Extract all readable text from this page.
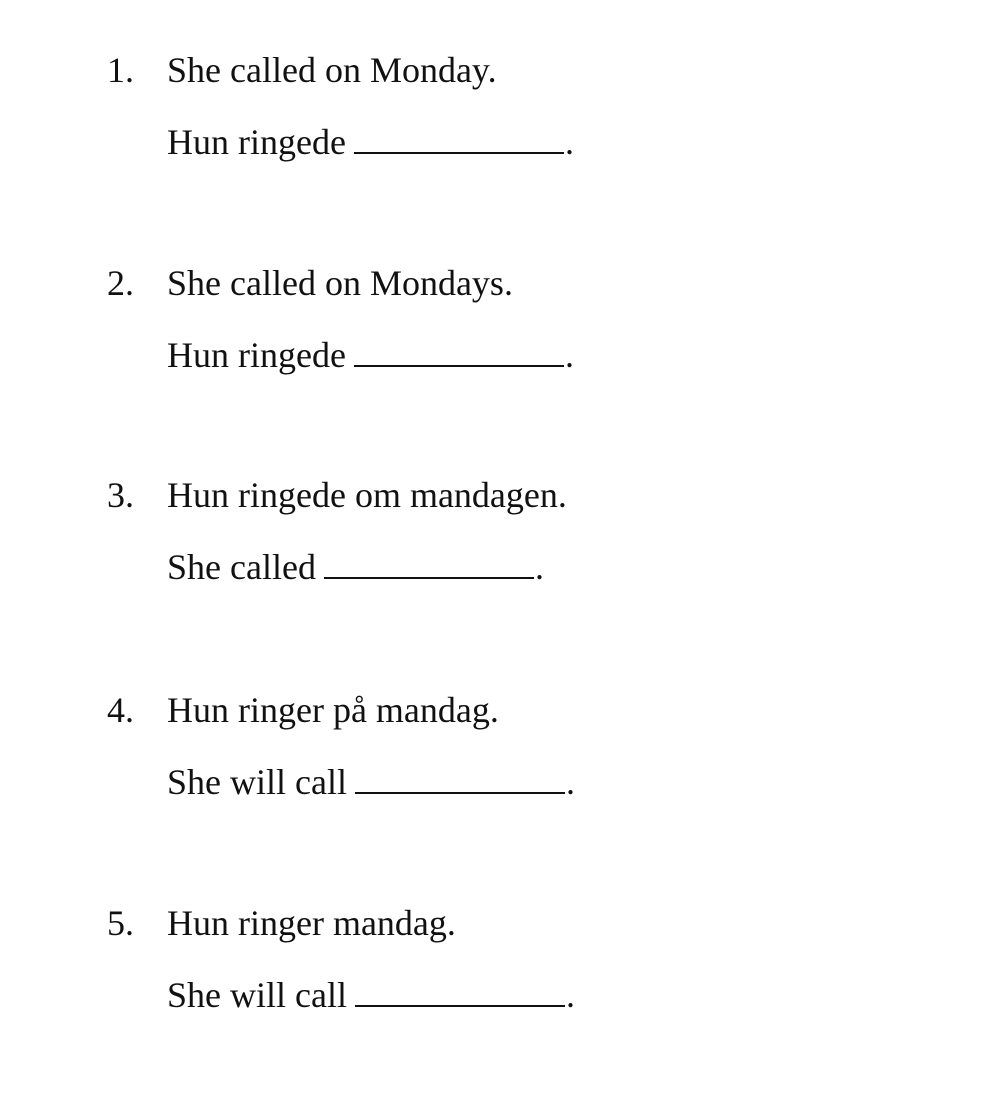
1. She called on Monday.
Hun ringede	.
2. She called on Mondays.
Hun ringede	.
3. Hun ringede om mandagen.
She called	.
4. Hun ringer på mandag.
She will call	.
5. Hun ringer mandag.
She will call	.
